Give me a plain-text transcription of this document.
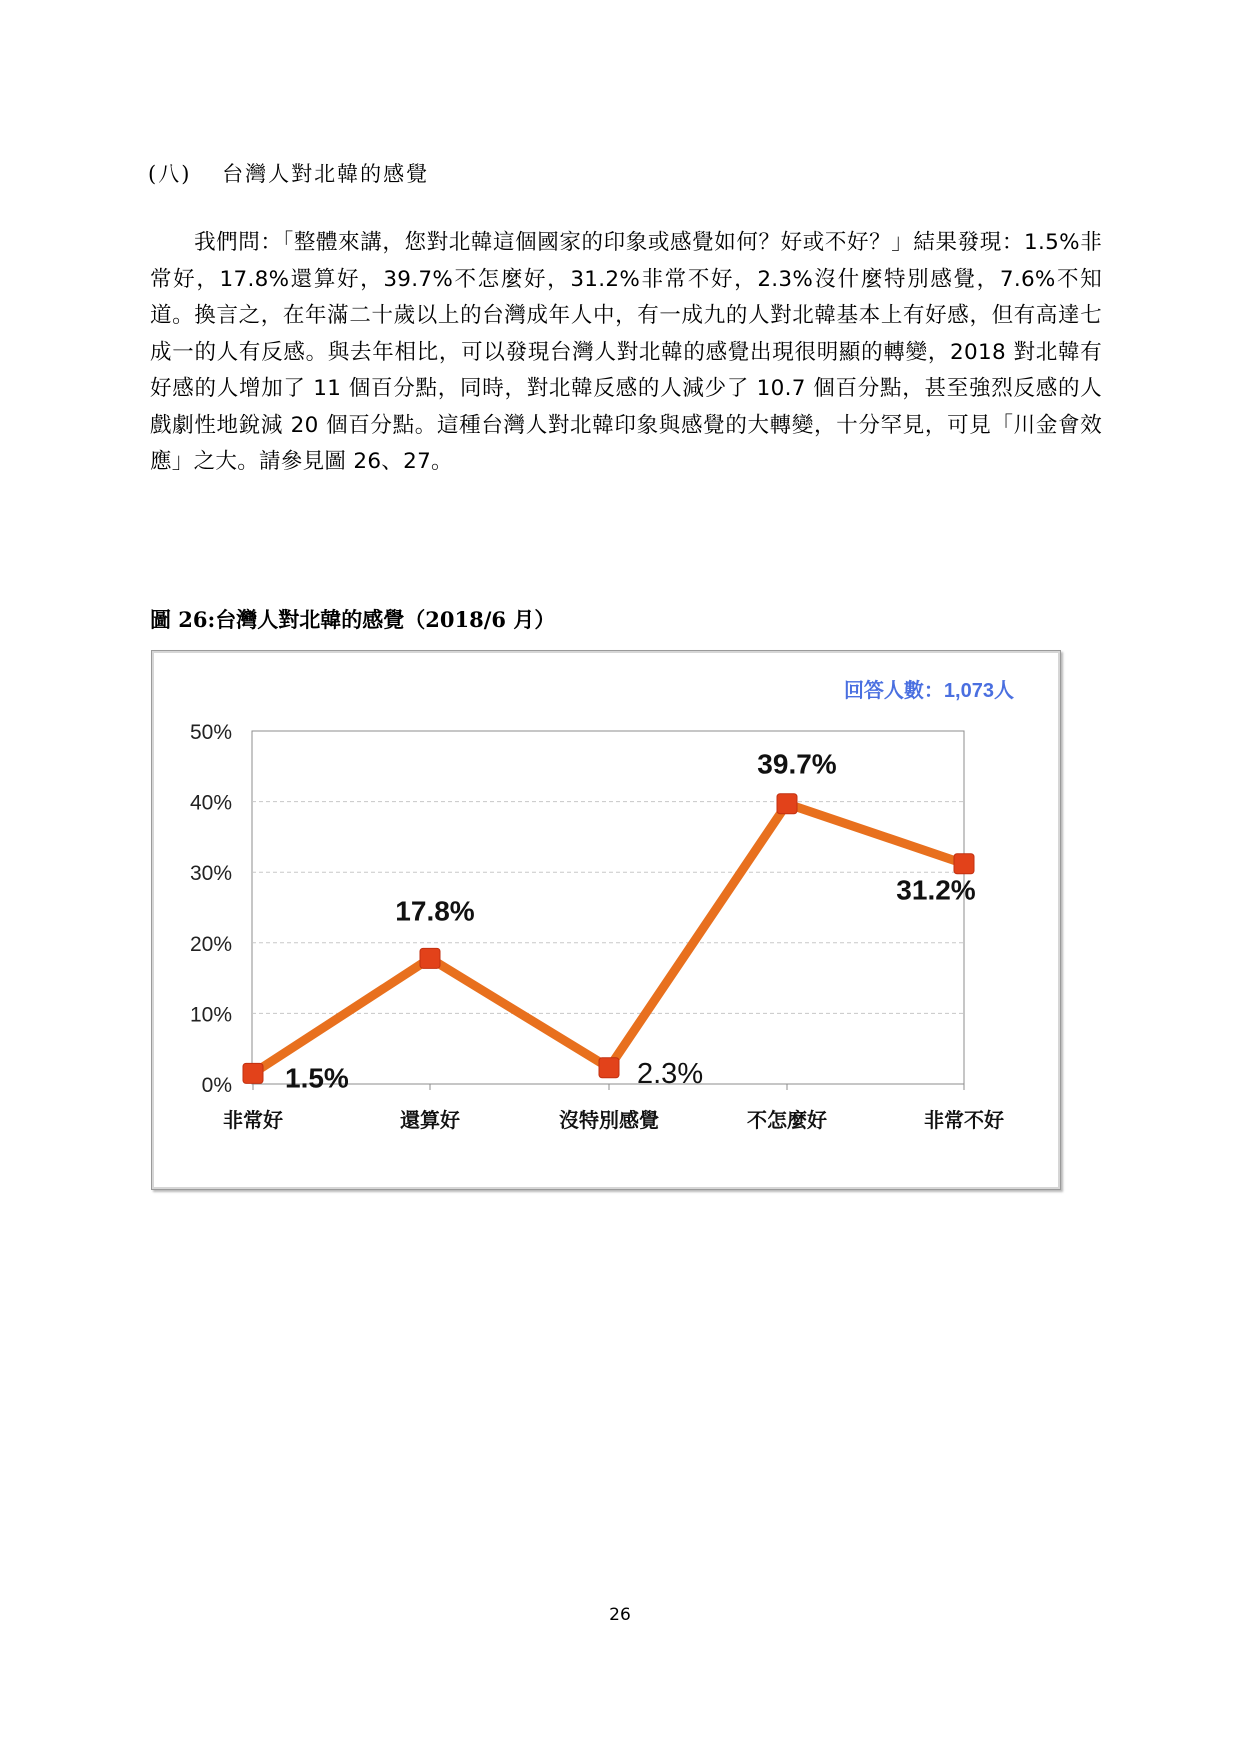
(八) 台灣人對北韓的感覺

我們問：「整體來講，您對北韓這個國家的印象或感覺如何？好或不好？」結果發現：1.5%非常好，17.8%還算好，39.7%不怎麼好，31.2%非常不好，2.3%沒什麼特別感覺，7.6%不知道。換言之，在年滿二十歲以上的台灣成年人中，有一成九的人對北韓基本上有好感，但有高達七成一的人有反感。與去年相比，可以發現台灣人對北韓的感覺出現很明顯的轉變，2018 對北韓有好感的人增加了 11 個百分點，同時，對北韓反感的人減少了 10.7 個百分點，甚至強烈反感的人戲劇性地銳減 20 個百分點。這種台灣人對北韓印象與感覺的大轉變，十分罕見，可見「川金會效應」之大。請參見圖 26、27。

圖 26:台灣人對北韓的感覺（2018/6 月）
0%
10%
20%
30%
40%
50%
非常好	還算好	沒特別感覺	不怎麼好	非常不好
1.5%
17.8%
2.3%
39.7%
31.2%
回答人數：1,073人
26
